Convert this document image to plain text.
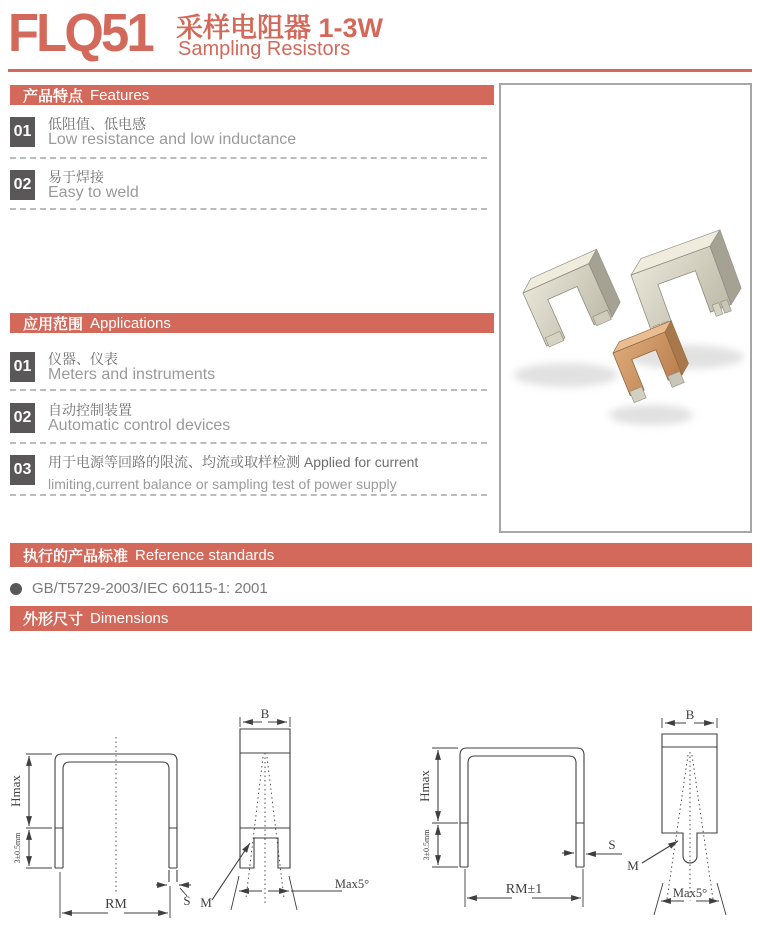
FLQ51 采样电阻器 1-3W
Sampling Resistors
产品特点 Features
01 低阻值、低电感
Low resistance and low inductance
02 易于焊接
Easy to weld
应用范围 Applications
01 仪器、仪表
Meters and instruments
02 自动控制装置
Automatic control devices
03 用于电源等回路的限流、均流或取样检测 Applied for current
limiting,current balance or sampling test of power supply
执行的产品标准 Reference standards
GB/T5729-2003/IEC 60115-1: 2001
外形尺寸 Dimensions
Hmax
3±0.5mm
RM	S M
B
Max5°
Hmax
3±0.5mm
RM±1
S
M
B
Max5°
